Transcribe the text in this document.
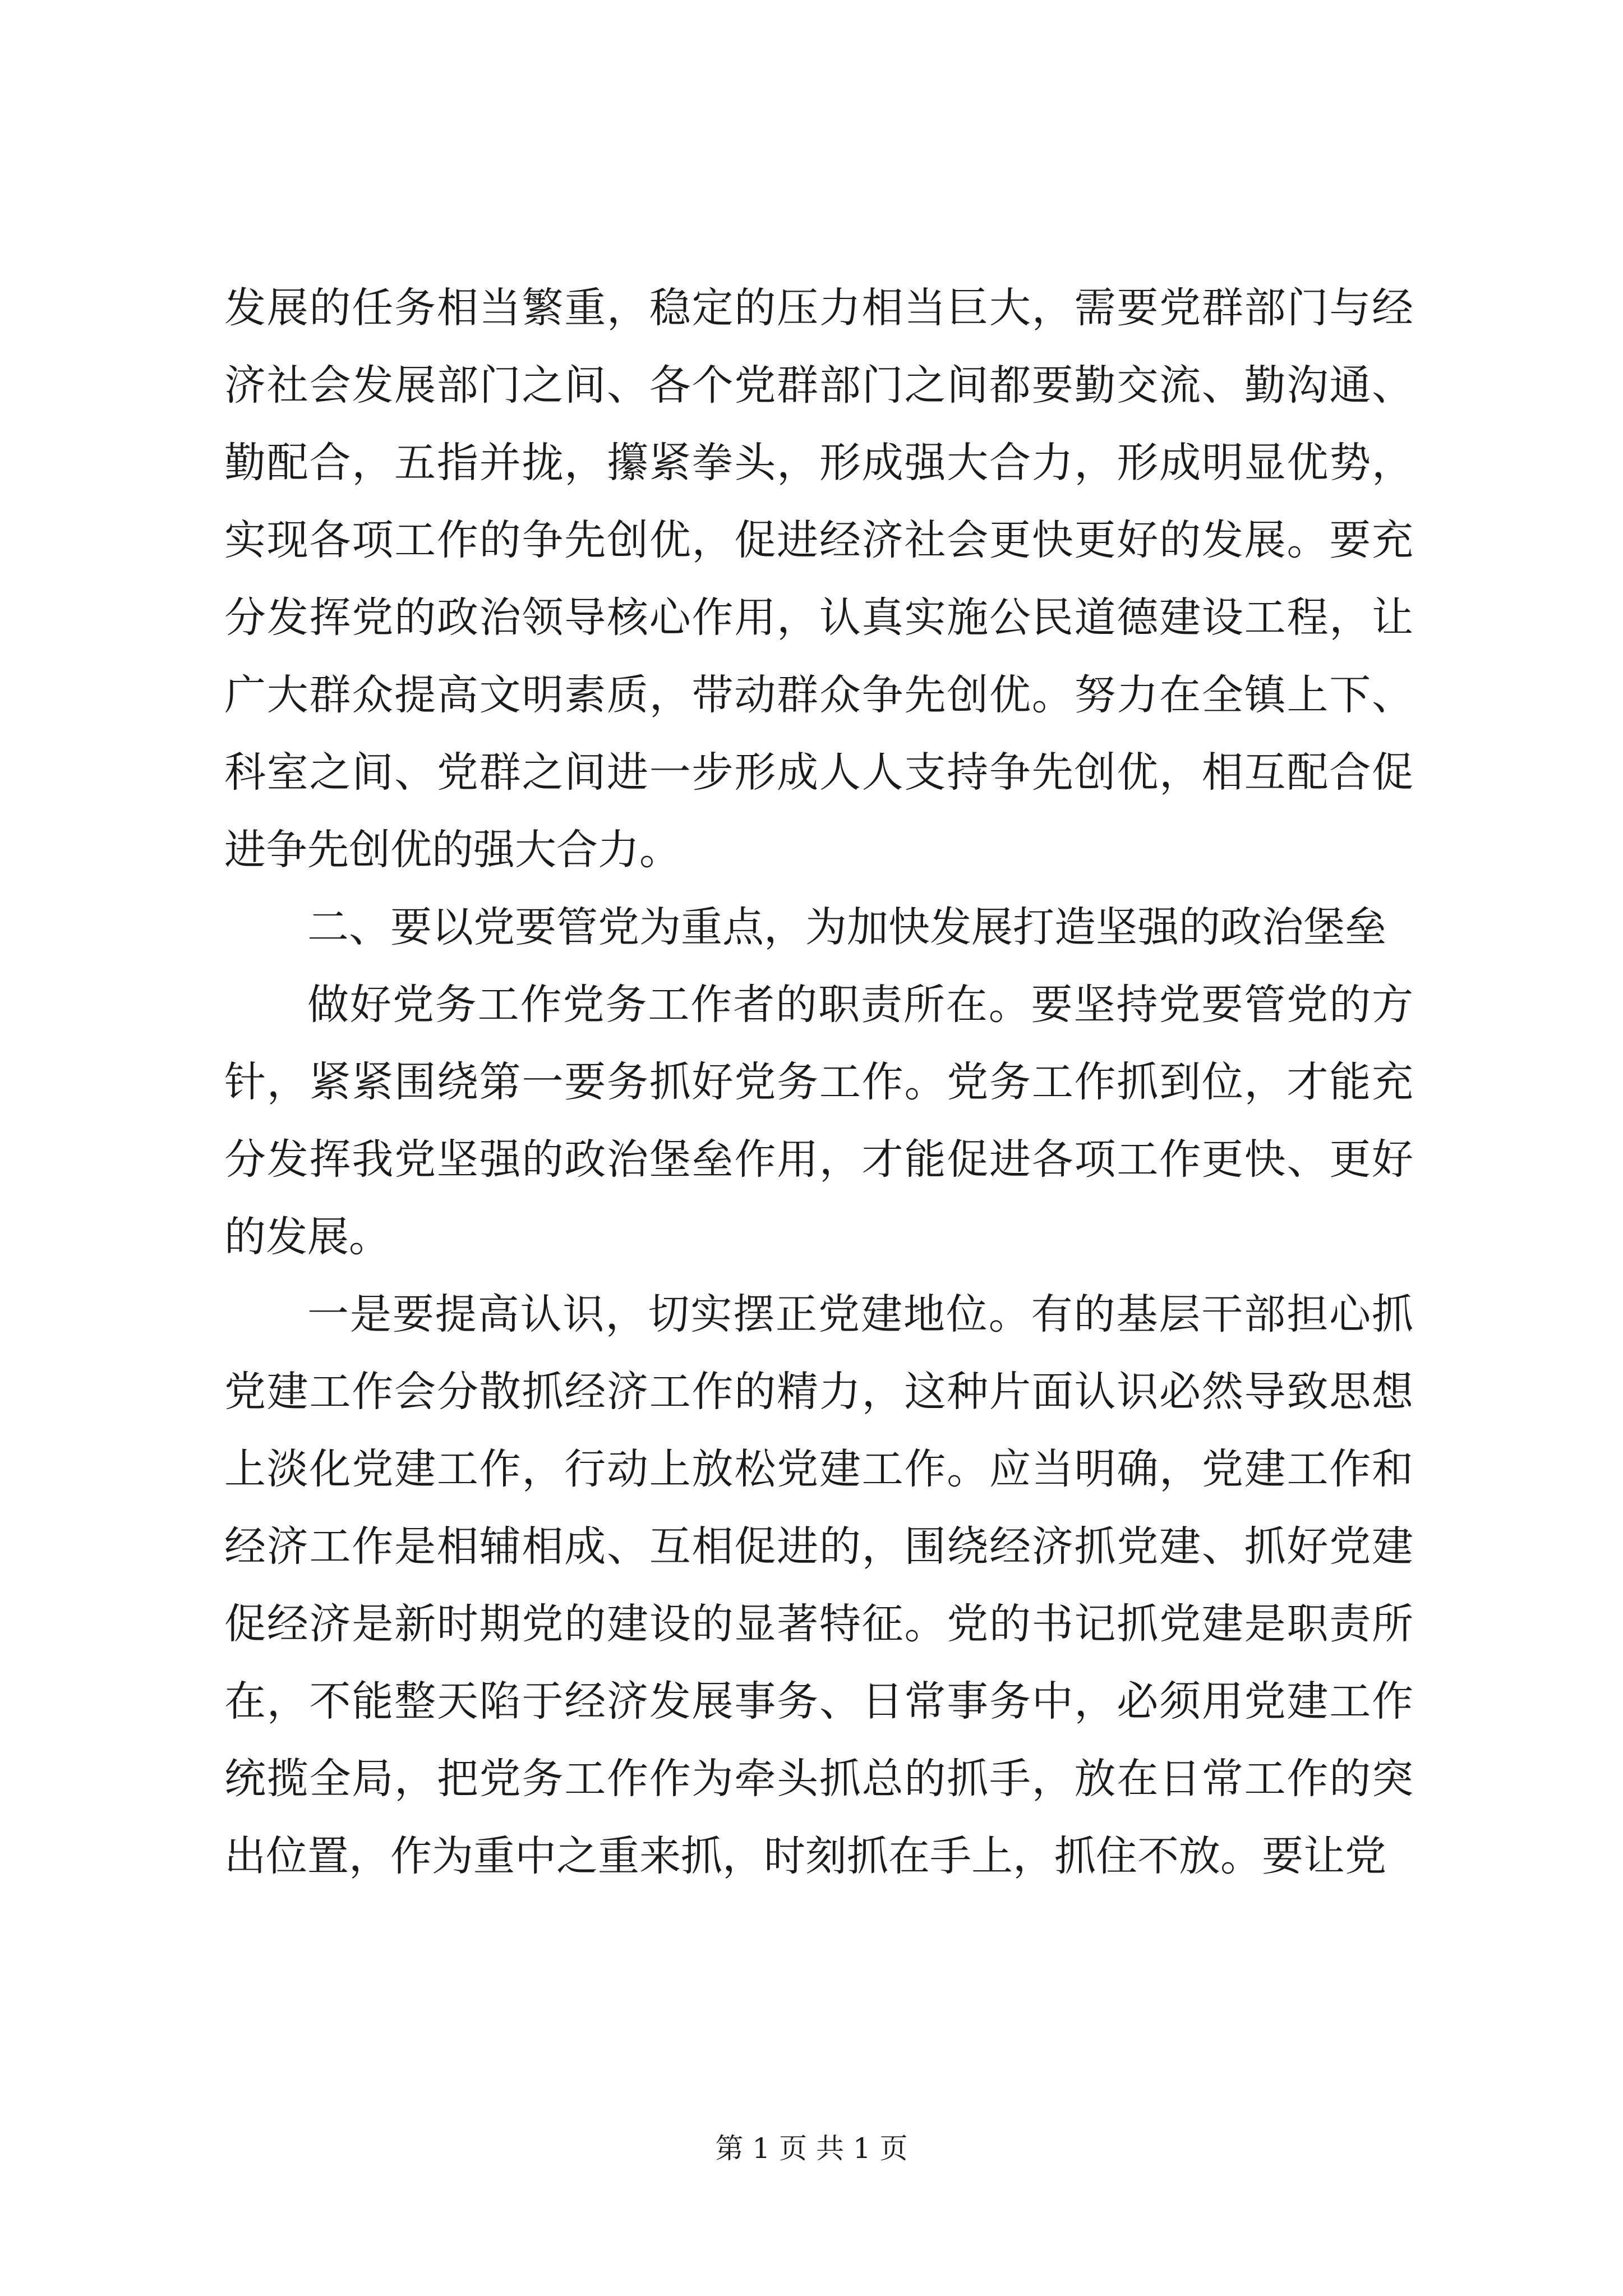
发展的任务相当繁重，稳定的压力相当巨大，需要党群部门与经济社会发展部门之间、各个党群部门之间都要勤交流、勤沟通、勤配合，五指并拢，攥紧拳头，形成强大合力，形成明显优势，实现各项工作的争先创优，促进经济社会更快更好的发展。要充分发挥党的政治领导核心作用，认真实施公民道德建设工程，让广大群众提高文明素质，带动群众争先创优。努力在全镇上下、科室之间、党群之间进一步形成人人支持争先创优，相互配合促进争先创优的强大合力。

二、要以党要管党为重点，为加快发展打造坚强的政治堡垒

做好党务工作党务工作者的职责所在。要坚持党要管党的方针，紧紧围绕第一要务抓好党务工作。党务工作抓到位，才能充分发挥我党坚强的政治堡垒作用，才能促进各项工作更快、更好的发展。

一是要提高认识，切实摆正党建地位。有的基层干部担心抓党建工作会分散抓经济工作的精力，这种片面认识必然导致思想上淡化党建工作，行动上放松党建工作。应当明确，党建工作和经济工作是相辅相成、互相促进的，围绕经济抓党建、抓好党建促经济是新时期党的建设的显著特征。党的书记抓党建是职责所在，不能整天陷于经济发展事务、日常事务中，必须用党建工作统揽全局，把党务工作作为牵头抓总的抓手，放在日常工作的突出位置，作为重中之重来抓，时刻抓在手上，抓住不放。要让党

第 1 页 共 1 页
